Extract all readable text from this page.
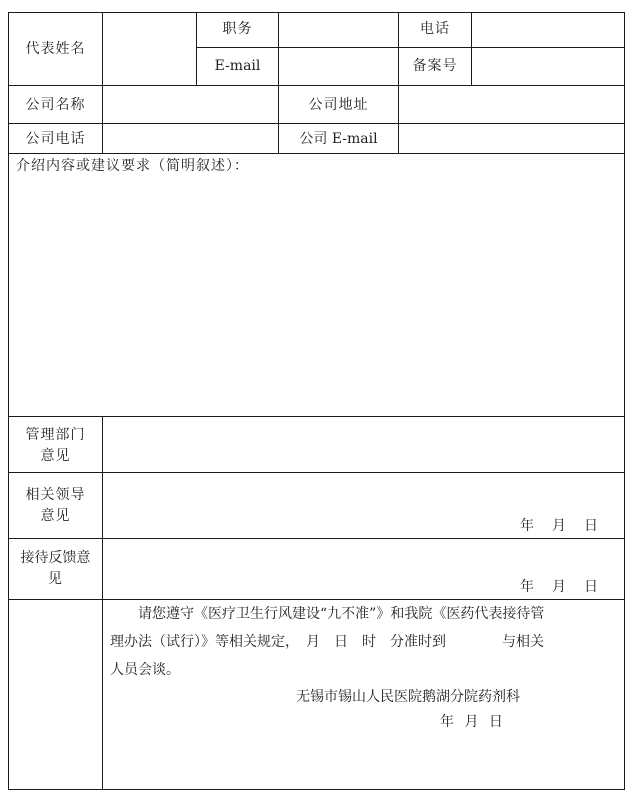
代表姓名
职务	电话
E-mail	备案号
公司名称	公司地址
公司电话	公司 E-mail
介绍内容或建议要求（简明叙述）：
管理部门
意见
相关领导
意见
年　月　日
接待反馈意
见	年　月　日
请您遵守《医疗卫生行风建设“九不准”》和我院《医药代表接待管
理办法（试行）》等相关规定，　月　日　时　分准时到　　　　与相关
人员会谈。
无锡市锡山人民医院鹅湖分院药剂科
年 月 日
